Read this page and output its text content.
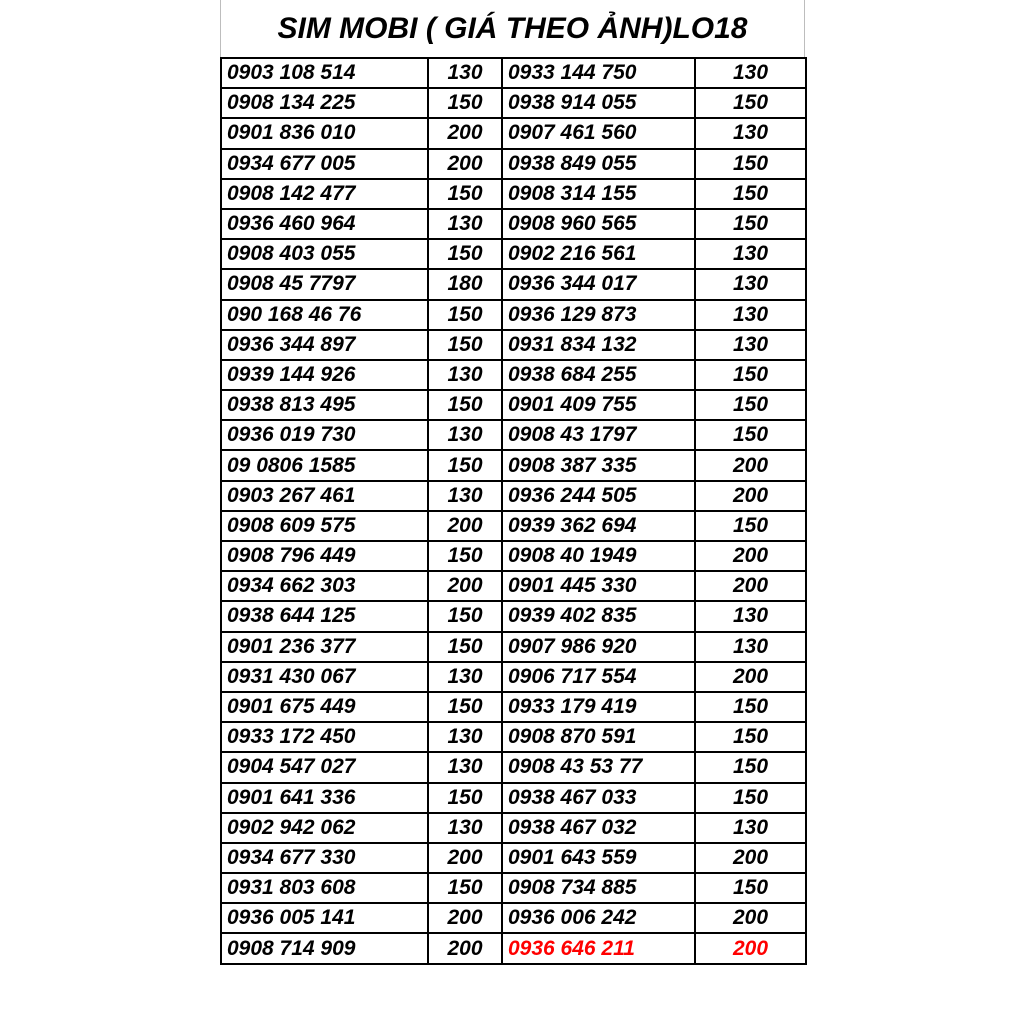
SIM MOBI ( GIÁ THEO ẢNH)LO18
0903 108 514	130	0933 144 750	130
0908 134 225	150	0938 914 055	150
0901 836 010	200	0907 461 560	130
0934 677 005	200	0938 849 055	150
0908 142 477	150	0908 314 155	150
0936 460 964	130	0908 960 565	150
0908 403 055	150	0902 216 561	130
0908 45 7797	180	0936 344 017	130
090 168 46 76	150	0936 129 873	130
0936 344 897	150	0931 834 132	130
0939 144 926	130	0938 684 255	150
0938 813 495	150	0901 409 755	150
0936 019 730	130	0908 43 1797	150
09 0806 1585	150	0908 387 335	200
0903 267 461	130	0936 244 505	200
0908 609 575	200	0939 362 694	150
0908 796 449	150	0908 40 1949	200
0934 662 303	200	0901 445 330	200
0938 644 125	150	0939 402 835	130
0901 236 377	150	0907 986 920	130
0931 430 067	130	0906 717 554	200
0901 675 449	150	0933 179 419	150
0933 172 450	130	0908 870 591	150
0904 547 027	130	0908 43 53 77	150
0901 641 336	150	0938 467 033	150
0902 942 062	130	0938 467 032	130
0934 677 330	200	0901 643 559	200
0931 803 608	150	0908 734 885	150
0936 005 141	200	0936 006 242	200
0908 714 909	200	0936 646 211	200
